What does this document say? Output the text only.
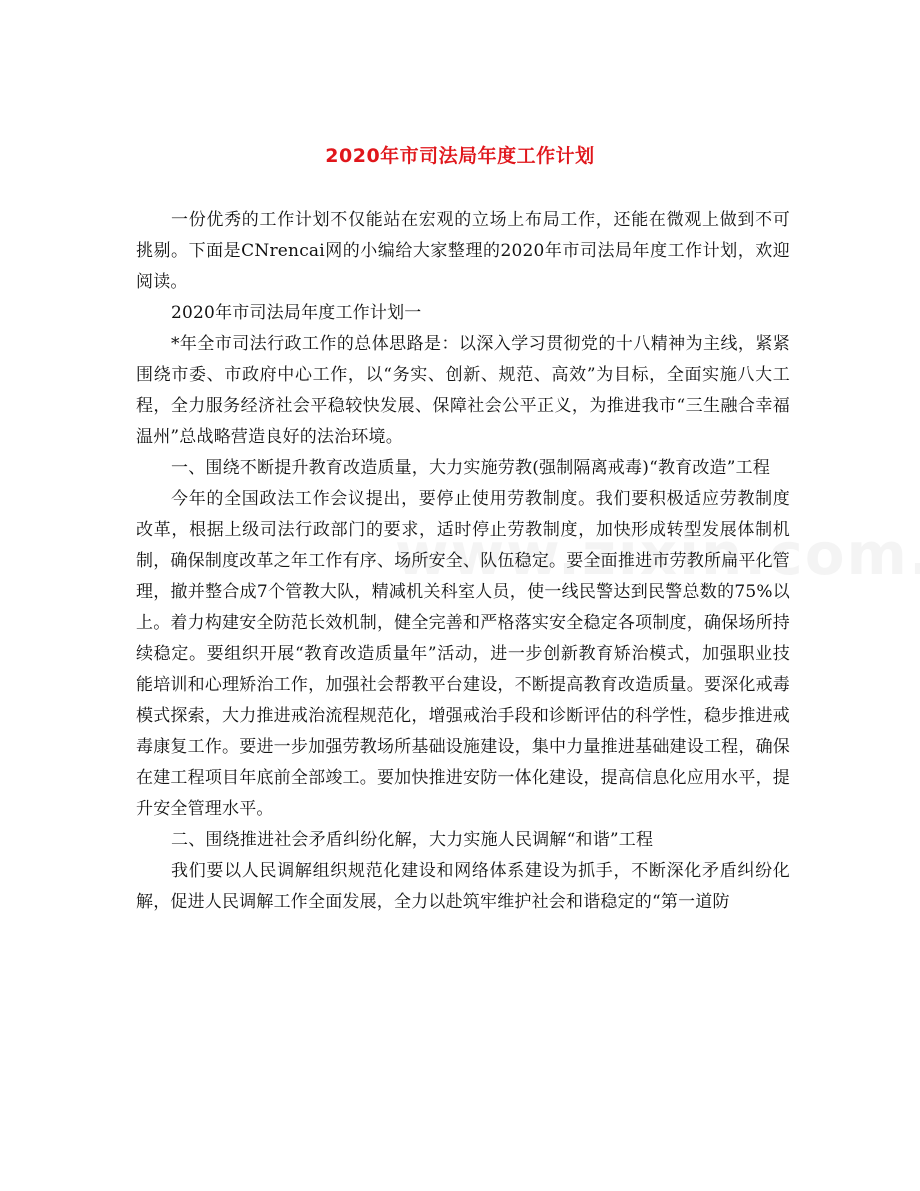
2020年市司法局年度工作计划

一份优秀的工作计划不仅能站在宏观的立场上布局工作，还能在微观上做到不可挑剔。下面是CNrencai网的小编给大家整理的2020年市司法局年度工作计划，欢迎阅读。

2020年市司法局年度工作计划一

*年全市司法行政工作的总体思路是：以深入学习贯彻党的十八精神为主线，紧紧围绕市委、市政府中心工作，以“务实、创新、规范、高效”为目标，全面实施八大工程，全力服务经济社会平稳较快发展、保障社会公平正义，为推进我市“三生融合幸福温州”总战略营造良好的法治环境。

一、围绕不断提升教育改造质量，大力实施劳教(强制隔离戒毒)“教育改造”工程

今年的全国政法工作会议提出，要停止使用劳教制度。我们要积极适应劳教制度改革，根据上级司法行政部门的要求，适时停止劳教制度，加快形成转型发展体制机制，确保制度改革之年工作有序、场所安全、队伍稳定。要全面推进市劳教所扁平化管理，撤并整合成7个管教大队，精减机关科室人员，使一线民警达到民警总数的75%以上。着力构建安全防范长效机制，健全完善和严格落实安全稳定各项制度，确保场所持续稳定。要组织开展“教育改造质量年”活动，进一步创新教育矫治模式，加强职业技能培训和心理矫治工作，加强社会帮教平台建设，不断提高教育改造质量。要深化戒毒模式探索，大力推进戒治流程规范化，增强戒治手段和诊断评估的科学性，稳步推进戒毒康复工作。要进一步加强劳教场所基础设施建设，集中力量推进基础建设工程，确保在建工程项目年底前全部竣工。要加快推进安防一体化建设，提高信息化应用水平，提升安全管理水平。

二、围绕推进社会矛盾纠纷化解，大力实施人民调解“和谐”工程

我们要以人民调解组织规范化建设和网络体系建设为抓手，不断深化矛盾纠纷化解，促进人民调解工作全面发展，全力以赴筑牢维护社会和谐稳定的“第一道防
